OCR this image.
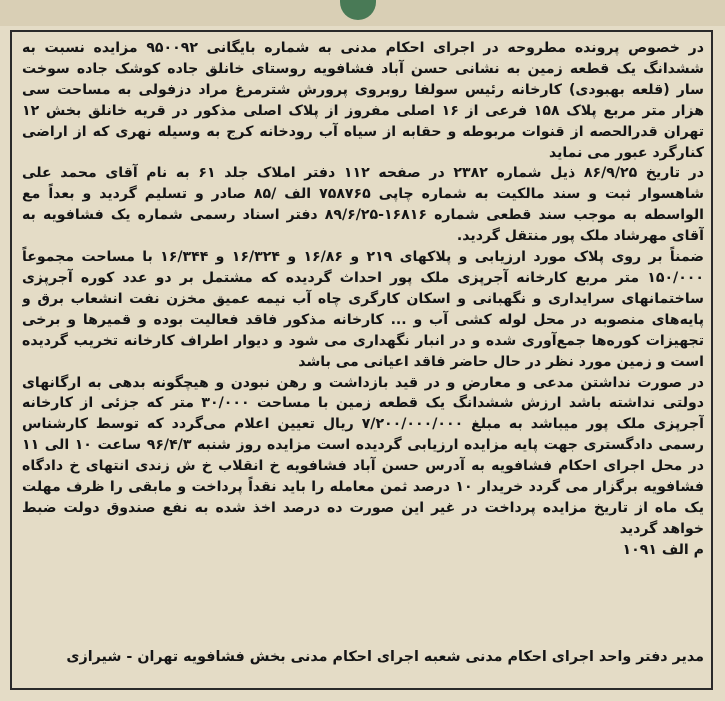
در خصوص پرونده مطروحه در اجرای احکام مدنی به شماره بایگانی ۹۵۰۰۹۲ مزایده نسبت به ششدانگ یک قطعه زمین به نشانی حسن آباد فشافویه روستای خانلق جاده کوشک جاده سوخت سار (قلعه بهبودی) کارخانه رئیس سولفا روبروی پرورش شترمرغ مراد دزفولی به مساحت سی هزار متر مربع پلاک ۱۵۸ فرعی از ۱۶ اصلی مفروز از پلاک اصلی مذکور در قریه خانلق بخش ۱۲ تهران قدرالحصه از قنوات مربوطه و حقابه از سیاه آب رودخانه کرج به وسیله نهری که از اراضی کنارگرد عبور می نماید

در تاریخ ۸۶/۹/۲۵ ذیل شماره ۲۳۸۲ در صفحه ۱۱۲ دفتر املاک جلد ۶۱ به نام آقای محمد علی شاهسوار ثبت و سند مالکیت به شماره چاپی ۷۵۸۷۶۵ الف /۸۵ صادر و تسلیم گردید و بعداً مع الواسطه به موجب سند قطعی شماره ۱۶۸۱۶-۸۹/۶/۲۵ دفتر اسناد رسمی شماره یک فشافویه به آقای مهرشاد ملک پور منتقل گردید.

ضمناً بر روی پلاک مورد ارزیابی و پلاکهای ۲۱۹ و ۱۶/۸۶ و ۱۶/۳۲۴ و ۱۶/۳۴۴ با مساحت مجموعاً ۱۵۰/۰۰۰ متر مربع کارخانه آجرپزی ملک پور احداث گردیده که مشتمل بر دو عدد کوره آجرپزی ساختمانهای سرایداری و نگهبانی و اسکان کارگری چاه آب نیمه عمیق مخزن نفت انشعاب برق و پایه‌های منصوبه در محل لوله کشی آب و ... کارخانه مذکور فاقد فعالیت بوده و قمیرها و برخی تجهیزات کوره‌ها جمع‌آوری شده و در انبار نگهداری می شود و دیوار اطراف کارخانه تخریب گردیده است و زمین مورد نظر در حال حاضر فاقد اعیانی می باشد

در صورت نداشتن مدعی و معارض و در قید بازداشت و رهن نبودن و هیچگونه بدهی به ارگانهای دولتی نداشته باشد ارزش ششدانگ یک قطعه زمین با مساحت ۳۰/۰۰۰ متر که جزئی از کارخانه آجرپزی ملک پور میباشد به مبلغ ۷/۲۰۰/۰۰۰/۰۰۰ ریال تعیین اعلام می‌گردد که توسط کارشناس رسمی دادگستری جهت پایه مزایده ارزیابی گردیده است مزایده روز شنبه ۹۶/۴/۳ ساعت ۱۰ الی ۱۱ در محل اجرای احکام فشافویه به آدرس حسن آباد فشافویه خ انقلاب خ ش زندی انتهای خ دادگاه فشافویه برگزار می گردد خریدار ۱۰ درصد ثمن معامله را باید نقداً پرداخت و مابقی را ظرف مهلت یک ماه از تاریخ مزایده پرداخت در غیر این صورت ده درصد اخذ شده به نفع صندوق دولت ضبط خواهد گردید

م الف ۱۰۹۱

مدیر دفتر واحد اجرای احکام مدنی شعبه اجرای احکام مدنی بخش فشافویه تهران - شیرازی
